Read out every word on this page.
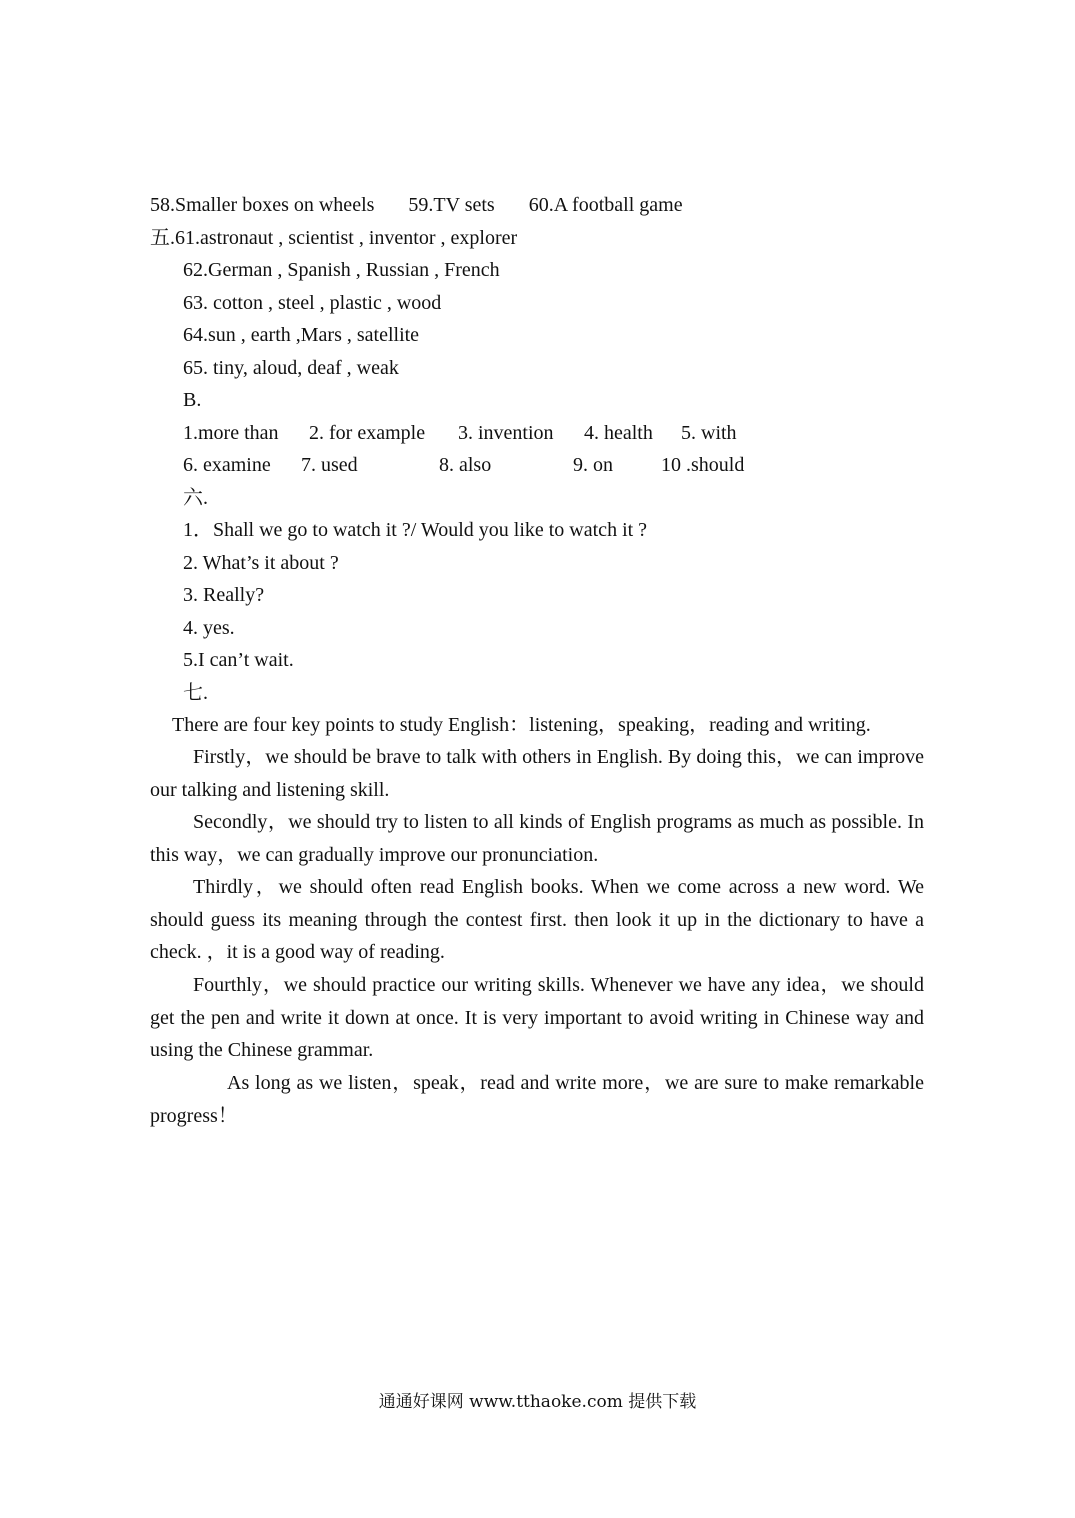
58.Smaller boxes on wheels 59.TV sets 60.A football game
五.61.astronaut , scientist , inventor , explorer
62.German , Spanish , Russian , French
63. cotton , steel , plastic , wood
64.sun , earth ,Mars , satellite
65. tiny, aloud, deaf , weak
B.
1.more than 2. for example 3. invention 4. health 5. with
6. examine 7. used	8. also	9. on 10 .should
六.
1．Shall we go to watch it ?/ Would you like to watch it ?
2. What’s it about ?
3. Really?
4. yes.
5.I can’t wait.
七.
There are four key points to study English：listening，speaking，reading and writing.
Firstly，we should be brave to talk with others in English. By doing this，we can improve our talking and listening skill.
Secondly，we should try to listen to all kinds of English programs as much as possible. In this way，we can gradually improve our pronunciation.
Thirdly，we should often read English books. When we come across a new word. We should guess its meaning through the contest first. then look it up in the dictionary to have a check. ，it is a good way of reading.
Fourthly，we should practice our writing skills. Whenever we have any idea，we should get the pen and write it down at once. It is very important to avoid writing in Chinese way and using the Chinese grammar.
As long as we listen，speak，read and write more，we are sure to make remarkable progress！
通通好课网 www.tthaoke.com 提供下载
